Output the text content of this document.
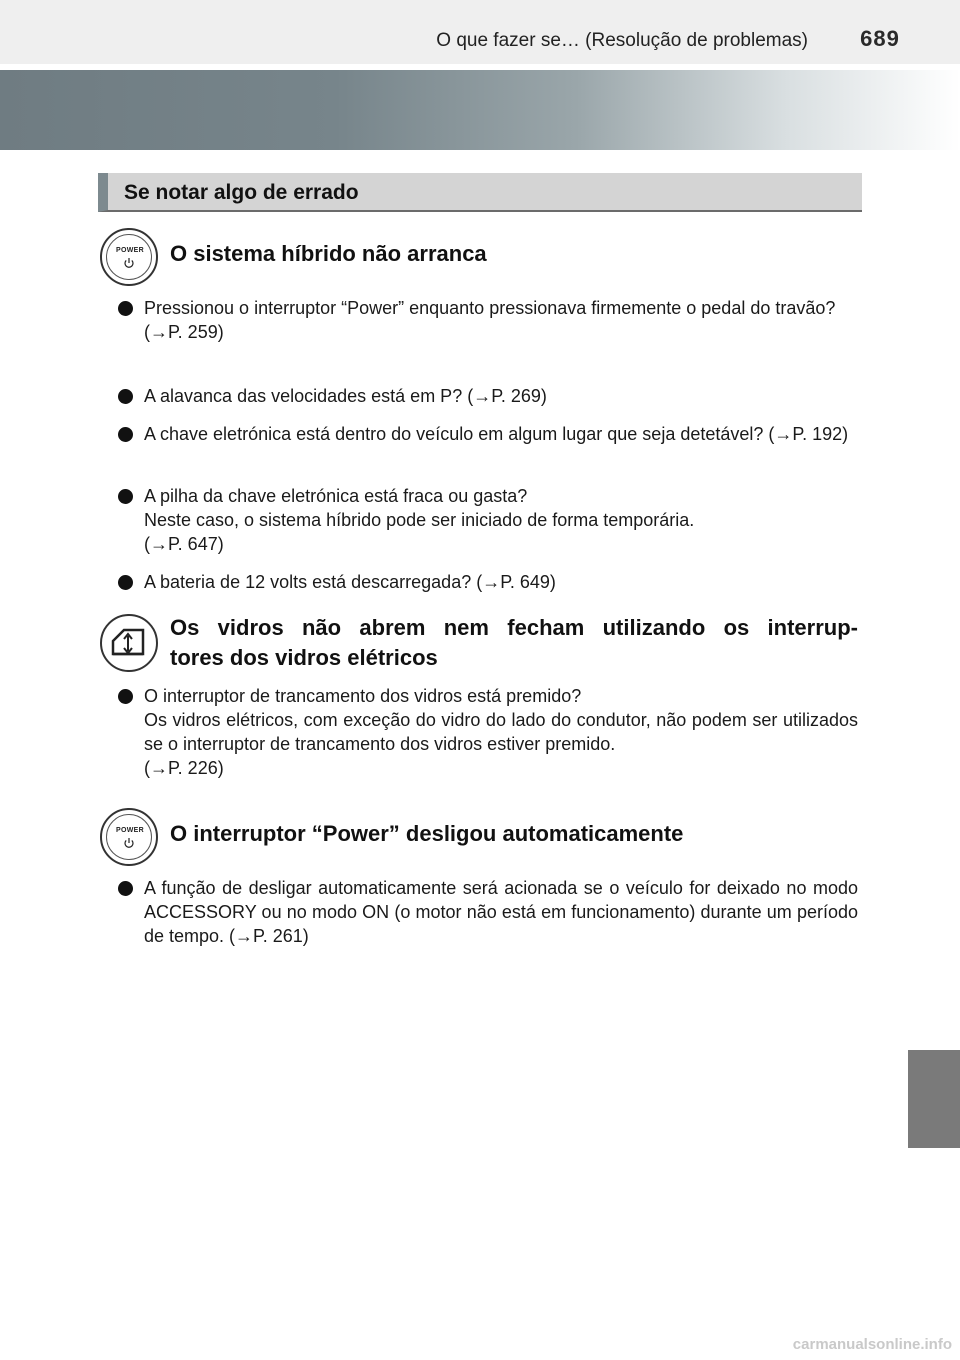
O que fazer se… (Resolução de problemas)	689
Se notar algo de errado
POWER	O sistema híbrido não arranca
Pressionou o interruptor “Power” enquanto pressionava firmemente o pedal do travão?
(→P. 259)
A alavanca das velocidades está em P? (→P. 269)
A chave eletrónica está dentro do veículo em algum lugar que seja detetável? (→P. 192)
A pilha da chave eletrónica está fraca ou gasta?
Neste caso, o sistema híbrido pode ser iniciado de forma temporária.
(→P. 647)
A bateria de 12 volts está descarregada? (→P. 649)
Os vidros não abrem nem fecham utilizando os interrup-
tores dos vidros elétricos
O interruptor de trancamento dos vidros está premido?
Os vidros elétricos, com exceção do vidro do lado do condutor, não podem ser utilizados se o interruptor de trancamento dos vidros estiver premido.
(→P. 226)
POWER	O interruptor “Power” desligou automaticamente
A função de desligar automaticamente será acionada se o veículo for deixado no modo ACCESSORY ou no modo ON (o motor não está em funcionamento) durante um período de tempo. (→P. 261)
carmanualsonline.info
